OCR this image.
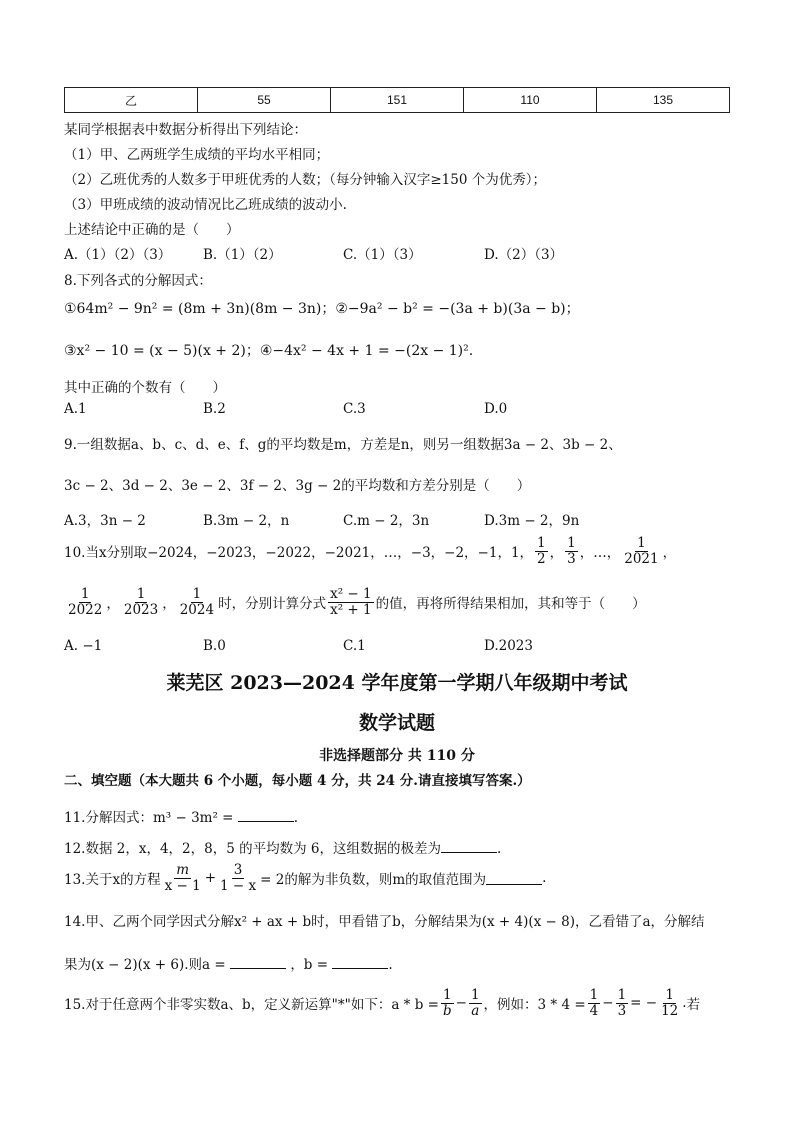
乙	55	151	110	135
某同学根据表中数据分析得出下列结论：
（1）甲、乙两班学生成绩的平均水平相同；
（2）乙班优秀的人数多于甲班优秀的人数；（每分钟输入汉字≥150 个为优秀）；
（3）甲班成绩的波动情况比乙班成绩的波动小.
上述结论中正确的是（　　）
A.（1）（2）（3） B.（1）（2）	C.（1）（3）	D.（2）（3）
8.下列各式的分解因式：
①64m² − 9n² = (8m + 3n)(8m − 3n)；②−9a² − b² = −(3a + b)(3a − b)；
③x² − 10 = (x − 5)(x + 2)；④−4x² − 4x + 1 = −(2x − 1)².
其中正确的个数有（　　）
A.1	B.2	C.3	D.0
9.一组数据a、b、c、d、e、f、g的平均数是m，方差是n，则另一组数据3a − 2、3b − 2、
3c − 2、3d − 2、3e − 2、3f − 2、3g − 2的平均数和方差分别是（　　）
A.3，3n − 2	B.3m − 2，n	C.m − 2，3n	D.3m − 2，9n
10.当x分别取−2024，−2023，−2022，−2021，…，−3，−2，−1，1， $\frac{1}{2}$ ， $\frac{1}{3}$ ，…， $\frac{1}{2021}$ ，
$\frac{1}{2022}$ ， $\frac{1}{2023}$ ， $\frac{1}{2024}$ 时，分别计算分式 $\frac{\text{x² − 1}}{\text{x² + 1}}$ 的值，再将所得结果相加，其和等于（　　）
A. −1	B.0	C.1	D.2023
莱芜区 2023—2024 学年度第一学期八年级期中考试
数学试题
非选择题部分 共 110 分
二、填空题（本大题共 6 个小题，每小题 4 分，共 24 分.请直接填写答案.）
11.分解因式：m³ − 3m² =	.
12.数据 2，x，4，2，8，5 的平均数为 6，这组数据的极差为	.
13.关于x的方程 $\frac{m}{x - 1} + \frac{3}{1 - x} = 2$的解为非负数，则m的取值范围为	.
14.甲、乙两个同学因式分解x² + ax + b时，甲看错了b，分解结果为(x + 4)(x − 8)，乙看错了a，分解结
果为(x − 2)(x + 6).则a =	，b =	.
15.对于任意两个非零实数a、b，定义新运算"*"如下：$a * b = \frac{1}{b} - \frac{1}{a}$ ，例如：$3 * 4 = \frac{1}{4} - \frac{1}{3}$ = − $\frac{1}{12}$ . 若
